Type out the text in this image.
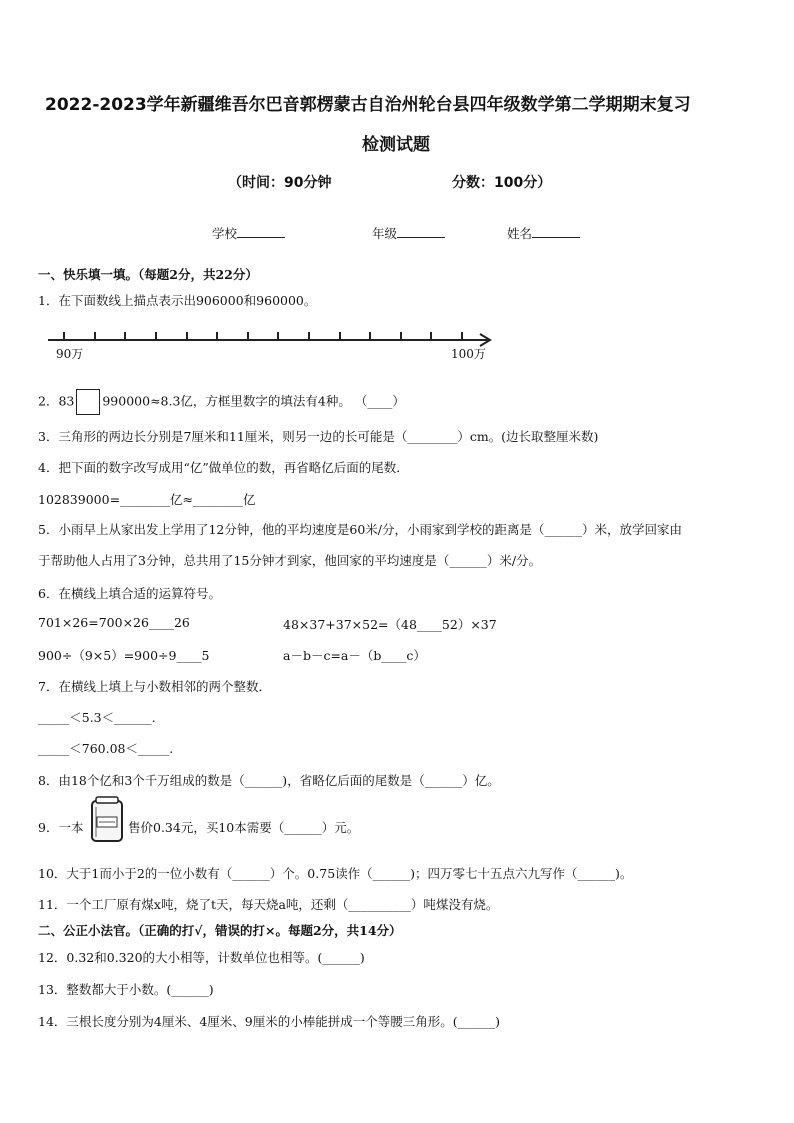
2022-2023学年新疆维吾尔巴音郭楞蒙古自治州轮台县四年级数学第二学期期末复习
检测试题
（时间：90分钟	分数：100分）
学校	年级	姓名
一、快乐填一填。（每题2分，共22分）
1．在下面数线上描点表示出906000和960000。
90万	100万
2．83 990000≈8.3亿，方框里数字的填法有4种。 （____）
3．三角形的两边长分别是7厘米和11厘米，则另一边的长可能是（________）cm。(边长取整厘米数)
4．把下面的数字改写成用“亿”做单位的数，再省略亿后面的尾数．
102839000=________亿≈________亿
5．小雨早上从家出发上学用了12分钟，他的平均速度是60米/分，小雨家到学校的距离是（______）米，放学回家由
于帮助他人占用了3分钟，总共用了15分钟才到家，他回家的平均速度是（______）米/分。
6．在横线上填合适的运算符号。
701×26=700×26____26	48×37+37×52=（48____52）×37
900÷（9×5）=900÷9____5	a－b－c=a－（b____c）
7．在横线上填上与小数相邻的两个整数．
_____＜5.3＜______.
_____＜760.08＜_____.
8．由18个亿和3个千万组成的数是（______)，省略亿后面的尾数是（______）亿。
9．一本	售价0.34元，买10本需要（______）元。
10．大于1而小于2的一位小数有（______）个。0.75读作（______)；四万零七十五点六九写作（______)。
11．一个工厂原有煤x吨，烧了t天，每天烧a吨，还剩（__________）吨煤没有烧。
二、公正小法官。（正确的打√，错误的打×。每题2分，共14分）
12．0.32和0.320的大小相等，计数单位也相等。(______)
13．整数都大于小数。(______)
14．三根长度分别为4厘米、4厘米、9厘米的小棒能拼成一个等腰三角形。(______)
